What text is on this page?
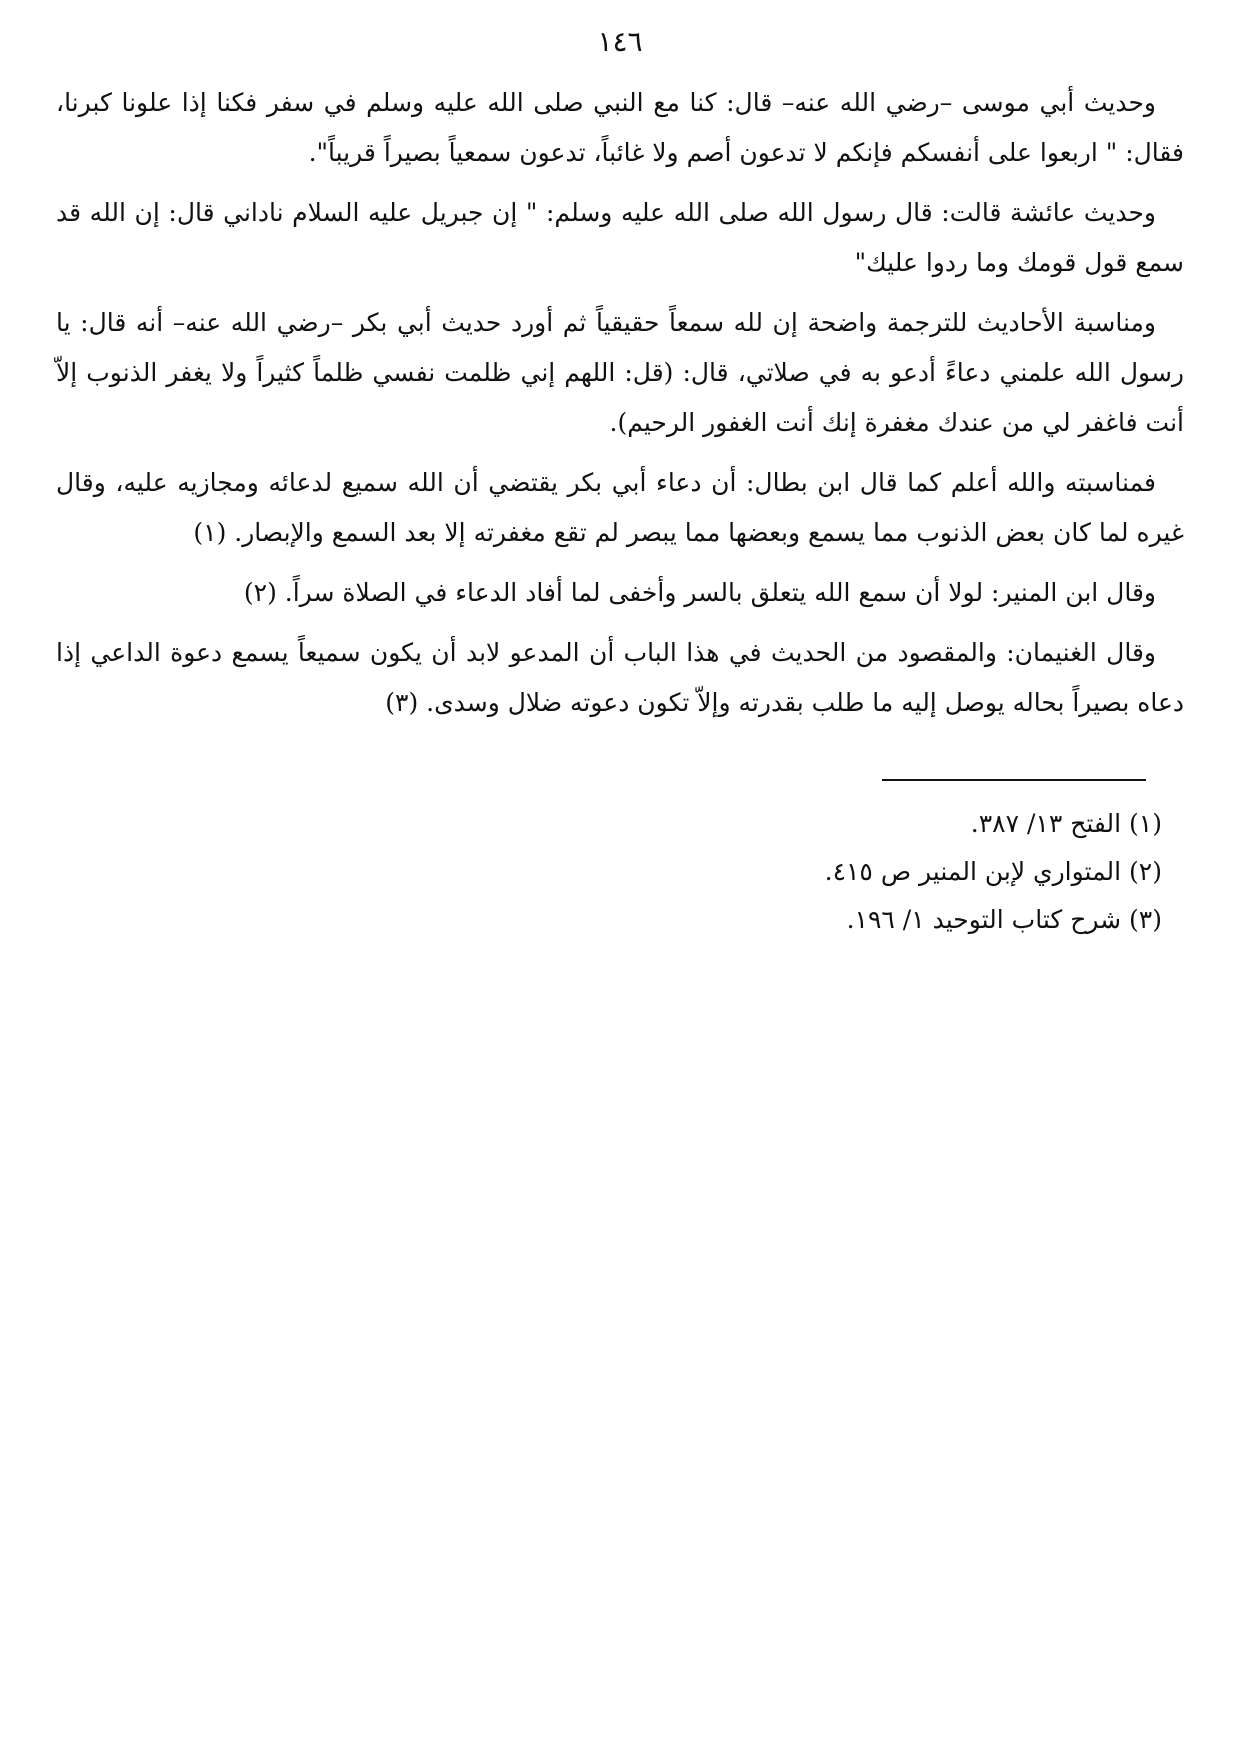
١٤٦

وحديث أبي موسى –رضي الله عنه– قال: كنا مع النبي صلى الله عليه وسلم في سفر فكنا إذا علونا كبرنا، فقال: " اربعوا على أنفسكم فإنكم لا تدعون أصم ولا غائباً، تدعون سمعياً بصيراً قريباً".

وحديث عائشة قالت: قال رسول الله صلى الله عليه وسلم: " إن جبريل عليه السلام ناداني قال: إن الله قد سمع قول قومك وما ردوا عليك"

ومناسبة الأحاديث للترجمة واضحة إن لله سمعاً حقيقياً ثم أورد حديث أبي بكر –رضي الله عنه– أنه قال: يا رسول الله علمني دعاءً أدعو به في صلاتي، قال: (قل: اللهم إني ظلمت نفسي ظلماً كثيراً ولا يغفر الذنوب إلاّ أنت فاغفر لي من عندك مغفرة إنك أنت الغفور الرحيم).

فمناسبته والله أعلم كما قال ابن بطال: أن دعاء أبي بكر يقتضي أن الله سميع لدعائه ومجازيه عليه، وقال غيره لما كان بعض الذنوب مما يسمع وبعضها مما يبصر لم تقع مغفرته إلا بعد السمع والإبصار. (١)

وقال ابن المنير: لولا أن سمع الله يتعلق بالسر وأخفى لما أفاد الدعاء في الصلاة سراً. (٢)

وقال الغنيمان: والمقصود من الحديث في هذا الباب أن المدعو لابد أن يكون سميعاً يسمع دعوة الداعي إذا دعاه بصيراً بحاله يوصل إليه ما طلب بقدرته وإلاّ تكون دعوته ضلال وسدى. (٣)

(١) الفتح ١٣/ ٣٨٧.

(٢) المتواري لإبن المنير ص ٤١٥.

(٣) شرح كتاب التوحيد ١/ ١٩٦.
